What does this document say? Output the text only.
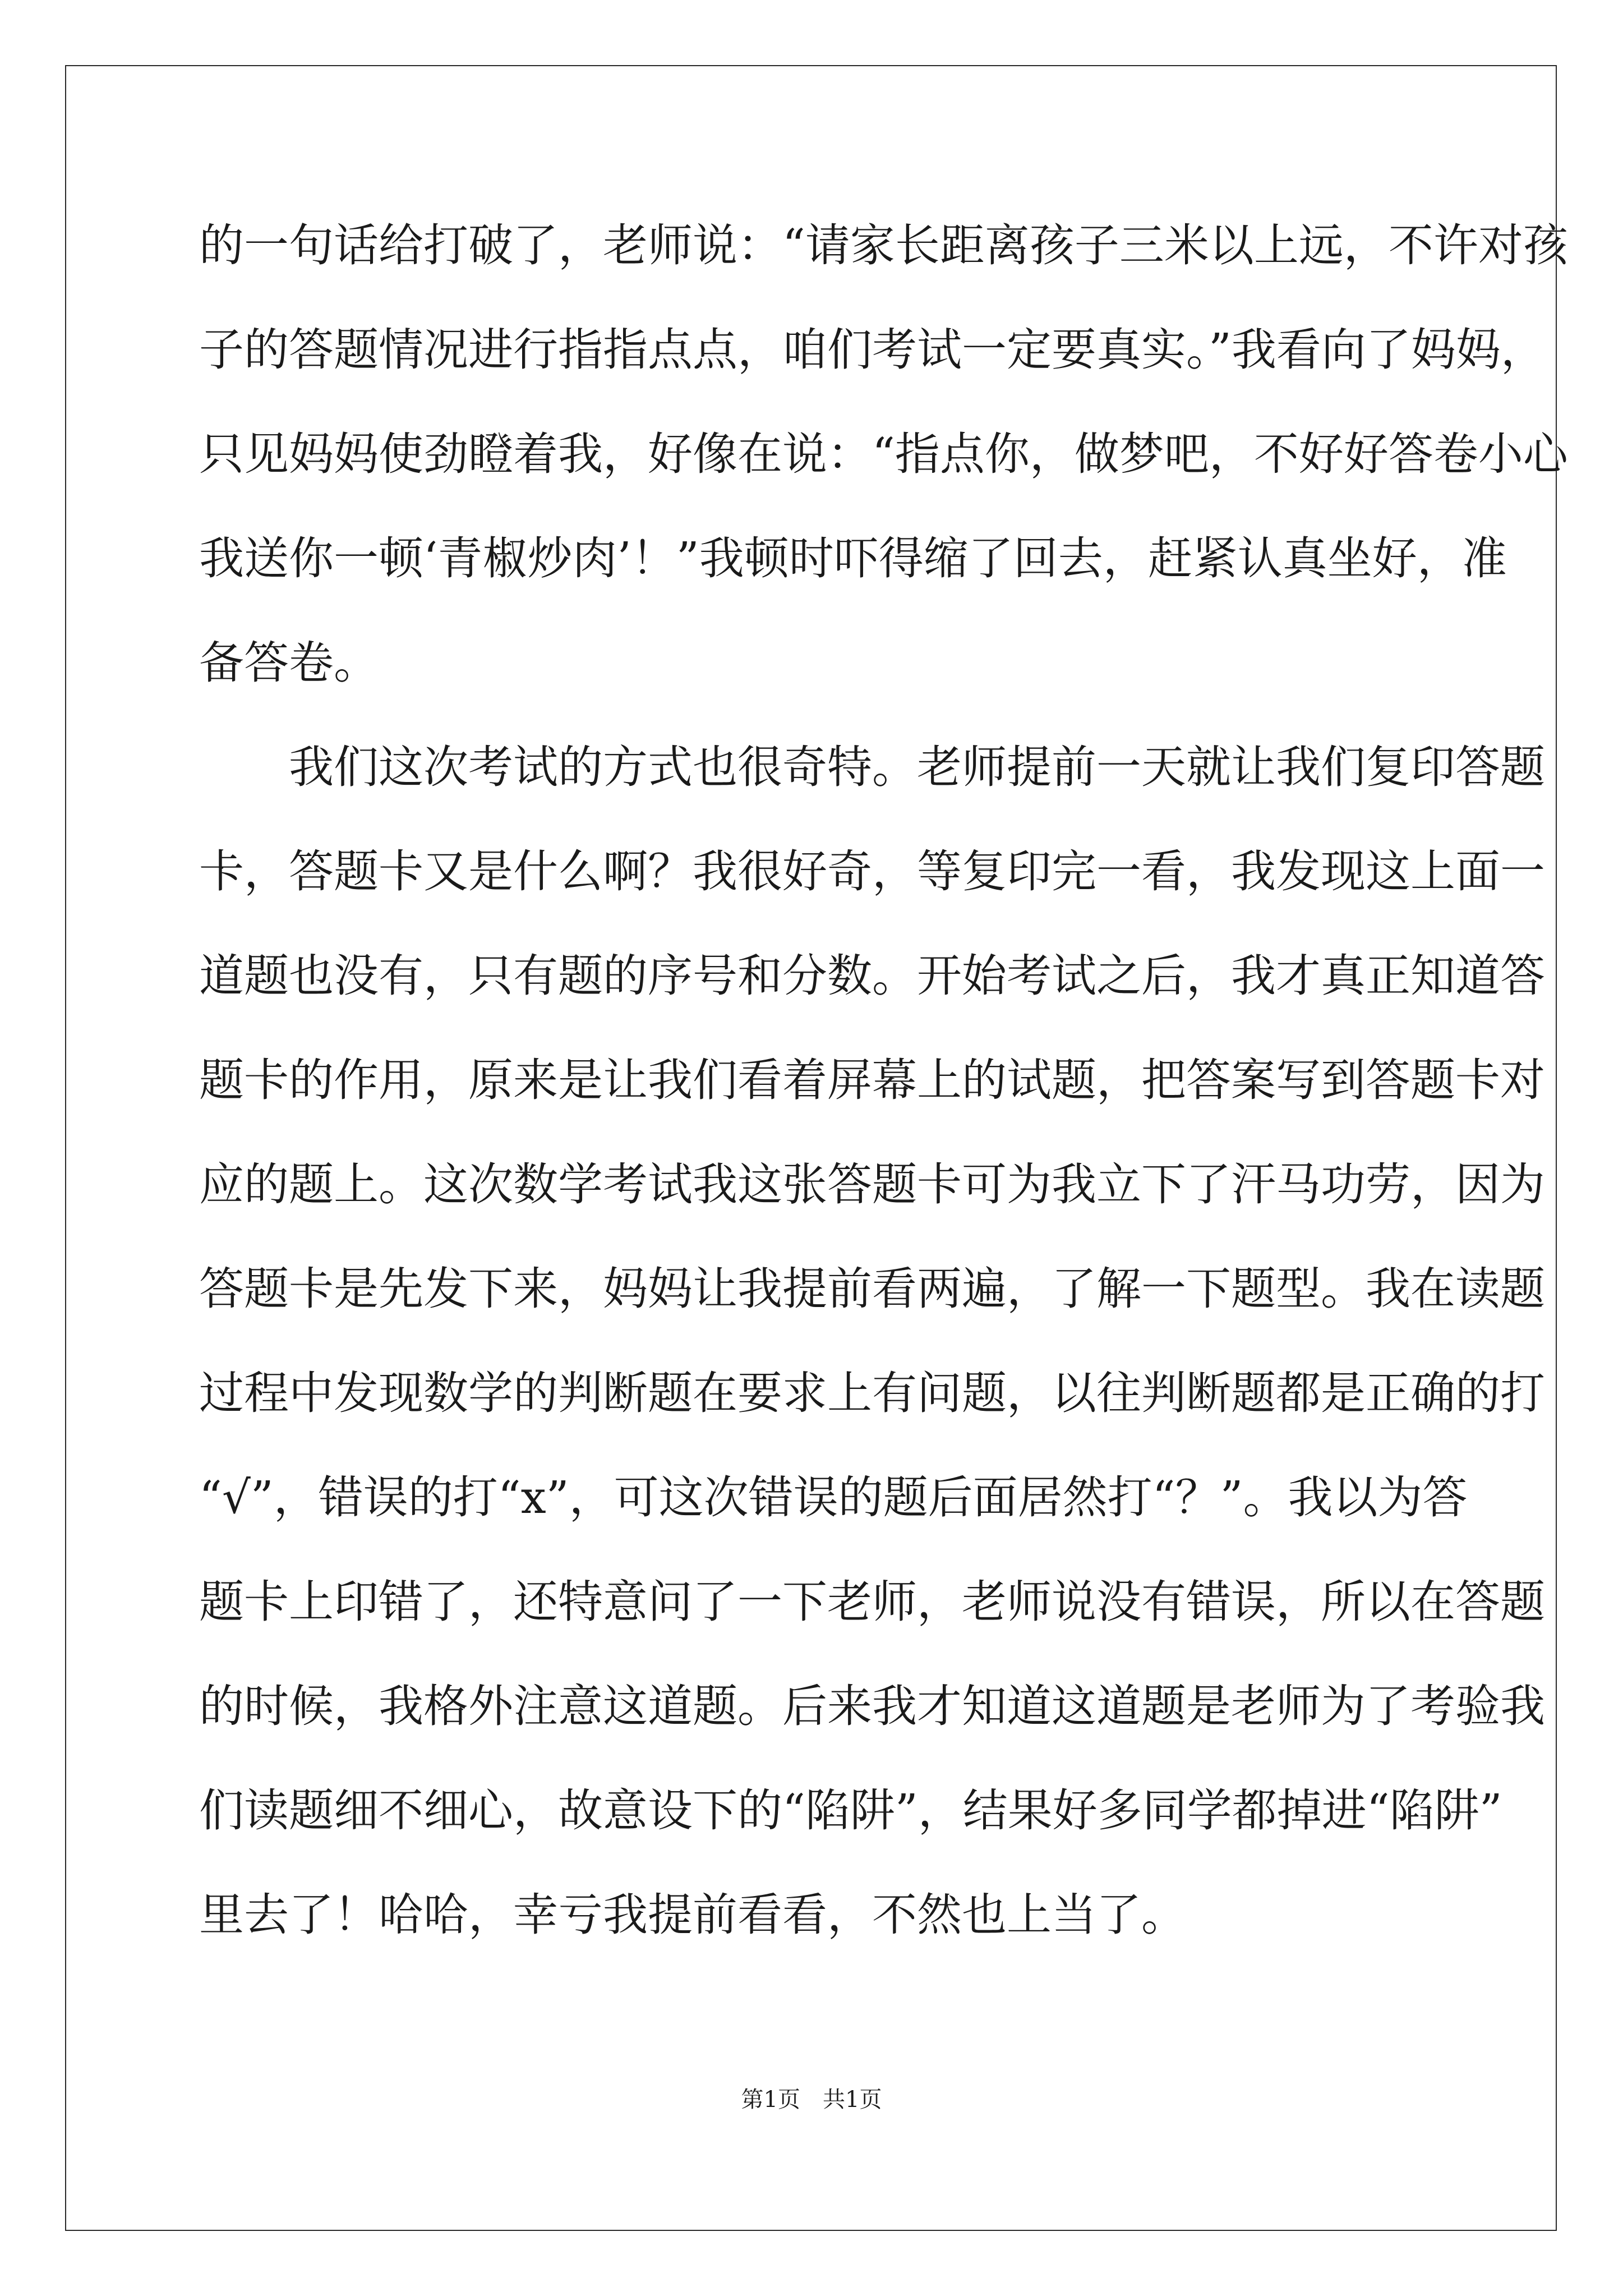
的一句话给打破了，老师说：“请家长距离孩子三米以上远，不许对孩
子的答题情况进行指指点点，咱们考试一定要真实。”我看向了妈妈，
只见妈妈使劲瞪着我，好像在说：“指点你，做梦吧，不好好答卷小心
我送你一顿‘青椒炒肉’！”我顿时吓得缩了回去，赶紧认真坐好，准
备答卷。
　　我们这次考试的方式也很奇特。老师提前一天就让我们复印答题
卡，答题卡又是什么啊？我很好奇，等复印完一看，我发现这上面一
道题也没有，只有题的序号和分数。开始考试之后，我才真正知道答
题卡的作用，原来是让我们看着屏幕上的试题，把答案写到答题卡对
应的题上。这次数学考试我这张答题卡可为我立下了汗马功劳，因为
答题卡是先发下来，妈妈让我提前看两遍，了解一下题型。我在读题
过程中发现数学的判断题在要求上有问题，以往判断题都是正确的打
“√”，错误的打“x”，可这次错误的题后面居然打“？”。我以为答
题卡上印错了，还特意问了一下老师，老师说没有错误，所以在答题
的时候，我格外注意这道题。后来我才知道这道题是老师为了考验我
们读题细不细心，故意设下的“陷阱”，结果好多同学都掉进“陷阱”
里去了！哈哈，幸亏我提前看看，不然也上当了。
第1页　共1页
